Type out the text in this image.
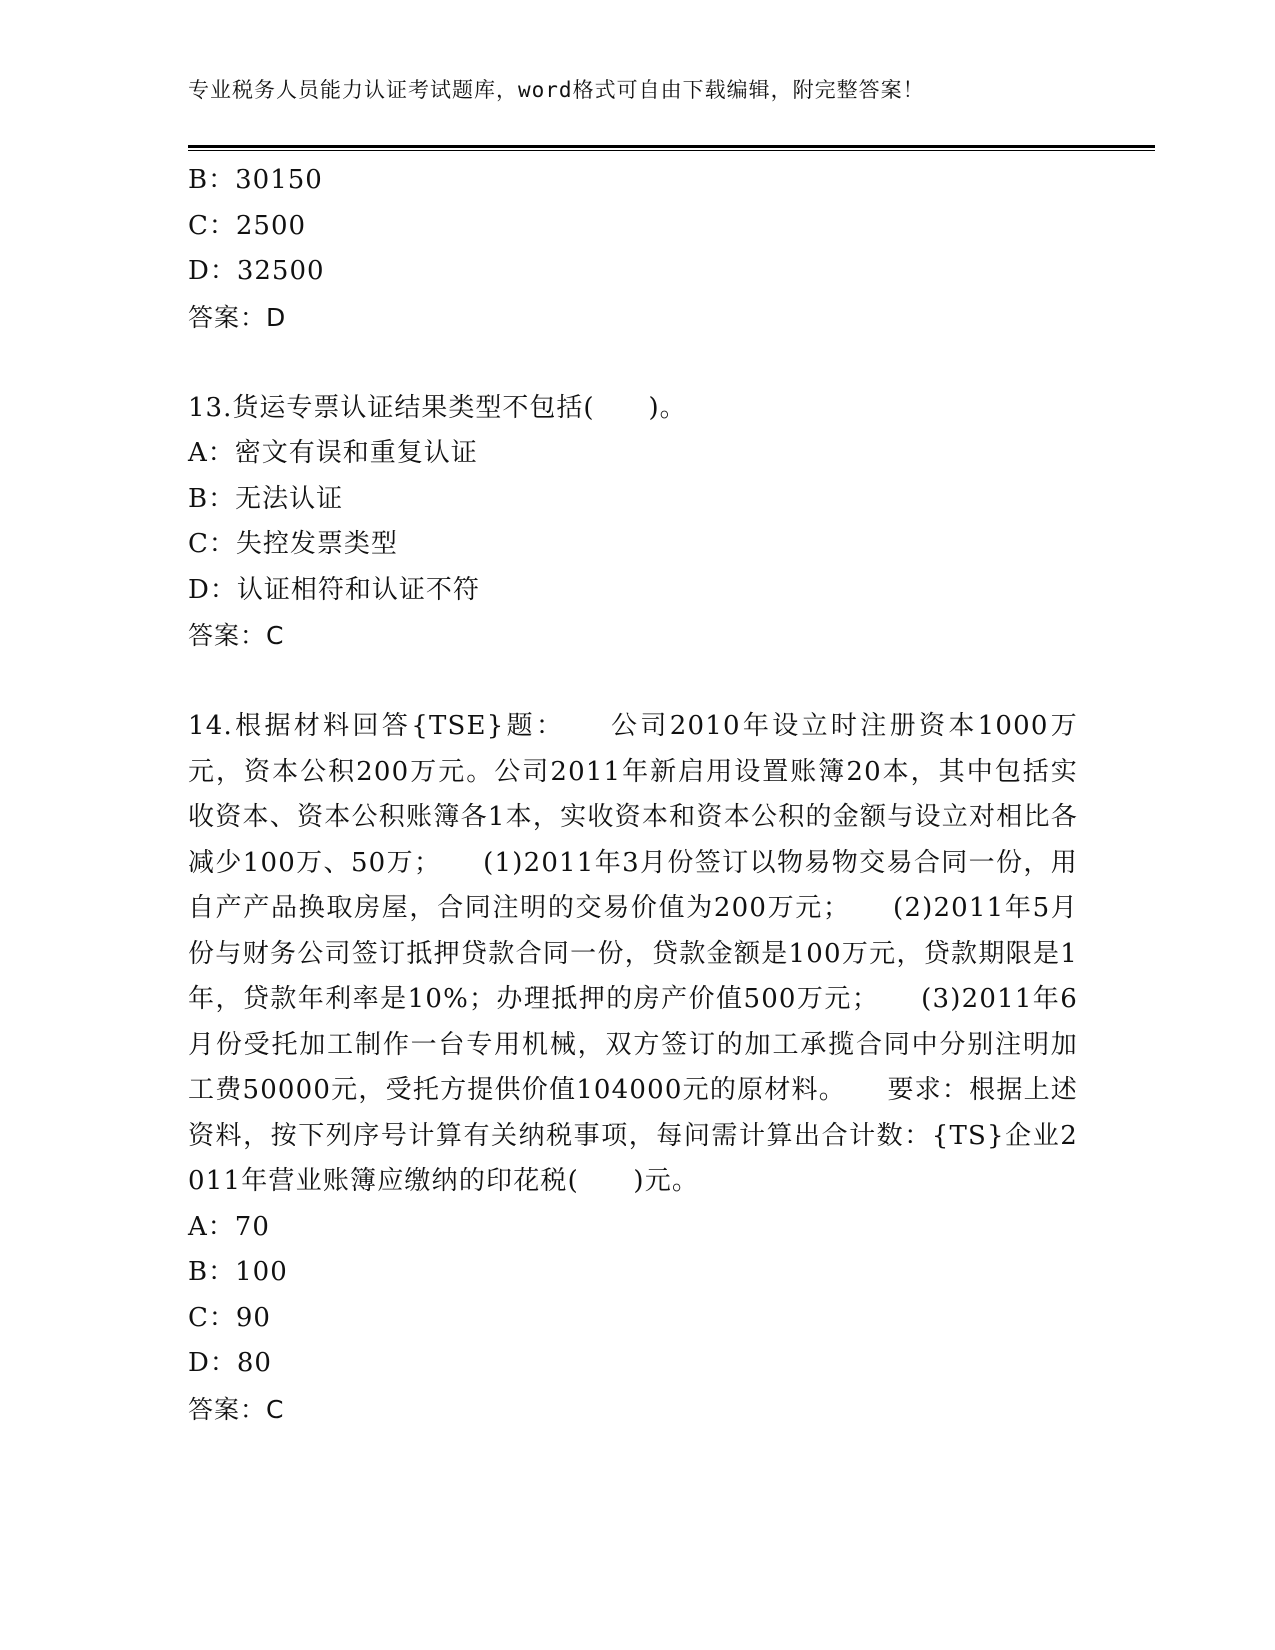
专业税务人员能力认证考试题库，word格式可自由下载编辑，附完整答案！
B：30150
C：2500
D：32500
答案：D
13.货运专票认证结果类型不包括(　　)。
A：密文有误和重复认证
B：无法认证
C：失控发票类型
D：认证相符和认证不符
答案：C
14.根据材料回答{TSE}题：　　公司2010年设立时注册资本1000万元，资本公积200万元。公司2011年新启用设置账簿20本，其中包括实收资本、资本公积账簿各1本，实收资本和资本公积的金额与设立对相比各减少100万、50万；　　(1)2011年3月份签订以物易物交易合同一份，用自产产品换取房屋，合同注明的交易价值为200万元；　　(2)2011年5月份与财务公司签订抵押贷款合同一份，贷款金额是100万元，贷款期限是1年，贷款年利率是10%；办理抵押的房产价值500万元；　　(3)2011年6月份受托加工制作一台专用机械，双方签订的加工承揽合同中分别注明加工费50000元，受托方提供价值104000元的原材料。　　要求：根据上述资料，按下列序号计算有关纳税事项，每问需计算出合计数：{TS}企业2011年营业账簿应缴纳的印花税(　　)元。
A：70
B：100
C：90
D：80
答案：C
